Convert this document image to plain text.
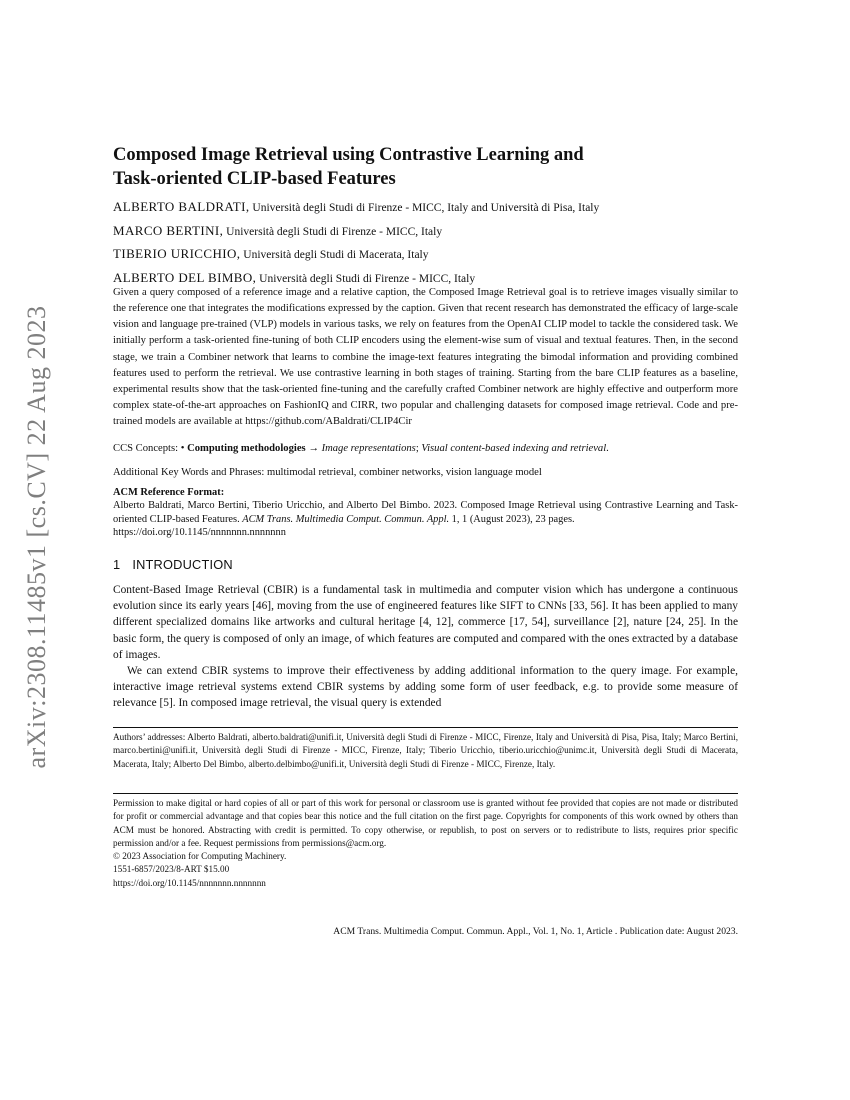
arXiv:2308.11485v1 [cs.CV] 22 Aug 2023
Composed Image Retrieval using Contrastive Learning and
Task-oriented CLIP-based Features
ALBERTO BALDRATI, Università degli Studi di Firenze - MICC, Italy and Università di Pisa, Italy
MARCO BERTINI, Università degli Studi di Firenze - MICC, Italy
TIBERIO URICCHIO, Università degli Studi di Macerata, Italy
ALBERTO DEL BIMBO, Università degli Studi di Firenze - MICC, Italy

Given a query composed of a reference image and a relative caption, the Composed Image Retrieval goal is to retrieve images visually similar to the reference one that integrates the modifications expressed by the caption. Given that recent research has demonstrated the efficacy of large-scale vision and language pre-trained (VLP) models in various tasks, we rely on features from the OpenAI CLIP model to tackle the considered task. We initially perform a task-oriented fine-tuning of both CLIP encoders using the element-wise sum of visual and textual features. Then, in the second stage, we train a Combiner network that learns to combine the image-text features integrating the bimodal information and providing combined features used to perform the retrieval. We use contrastive learning in both stages of training. Starting from the bare CLIP features as a baseline, experimental results show that the task-oriented fine-tuning and the carefully crafted Combiner network are highly effective and outperform more complex state-of-the-art approaches on FashionIQ and CIRR, two popular and challenging datasets for composed image retrieval. Code and pre-trained models are available at https://github.com/ABaldrati/CLIP4Cir

CCS Concepts: • Computing methodologies → Image representations; Visual content-based indexing and retrieval.

Additional Key Words and Phrases: multimodal retrieval, combiner networks, vision language model

ACM Reference Format:
Alberto Baldrati, Marco Bertini, Tiberio Uricchio, and Alberto Del Bimbo. 2023. Composed Image Retrieval using Contrastive Learning and Task-oriented CLIP-based Features. ACM Trans. Multimedia Comput. Commun. Appl. 1, 1 (August 2023), 23 pages.
https://doi.org/10.1145/nnnnnnn.nnnnnnn
1 INTRODUCTION

Content-Based Image Retrieval (CBIR) is a fundamental task in multimedia and computer vision which has undergone a continuous evolution since its early years [46], moving from the use of engineered features like SIFT to CNNs [33, 56]. It has been applied to many different specialized domains like artworks and cultural heritage [4, 12], commerce [17, 54], surveillance [2], nature [24, 25]. In the basic form, the query is composed of only an image, of which features are computed and compared with the ones extracted by a database of images.

We can extend CBIR systems to improve their effectiveness by adding additional information to the query image. For example, interactive image retrieval systems extend CBIR systems by adding some form of user feedback, e.g. to provide some measure of relevance [5]. In composed image retrieval, the visual query is extended

Authors’ addresses: Alberto Baldrati, alberto.baldrati@unifi.it, Università degli Studi di Firenze - MICC, Firenze, Italy and Università di Pisa, Pisa, Italy; Marco Bertini, marco.bertini@unifi.it, Università degli Studi di Firenze - MICC, Firenze, Italy; Tiberio Uricchio, tiberio.uricchio@unimc.it, Università degli Studi di Macerata, Macerata, Italy; Alberto Del Bimbo, alberto.delbimbo@unifi.it, Università degli Studi di Firenze - MICC, Firenze, Italy.

Permission to make digital or hard copies of all or part of this work for personal or classroom use is granted without fee provided that copies are not made or distributed for profit or commercial advantage and that copies bear this notice and the full citation on the first page. Copyrights for components of this work owned by others than ACM must be honored. Abstracting with credit is permitted. To copy otherwise, or republish, to post on servers or to redistribute to lists, requires prior specific permission and/or a fee. Request permissions from permissions@acm.org.
© 2023 Association for Computing Machinery.
1551-6857/2023/8-ART $15.00
https://doi.org/10.1145/nnnnnnn.nnnnnnn

ACM Trans. Multimedia Comput. Commun. Appl., Vol. 1, No. 1, Article . Publication date: August 2023.
